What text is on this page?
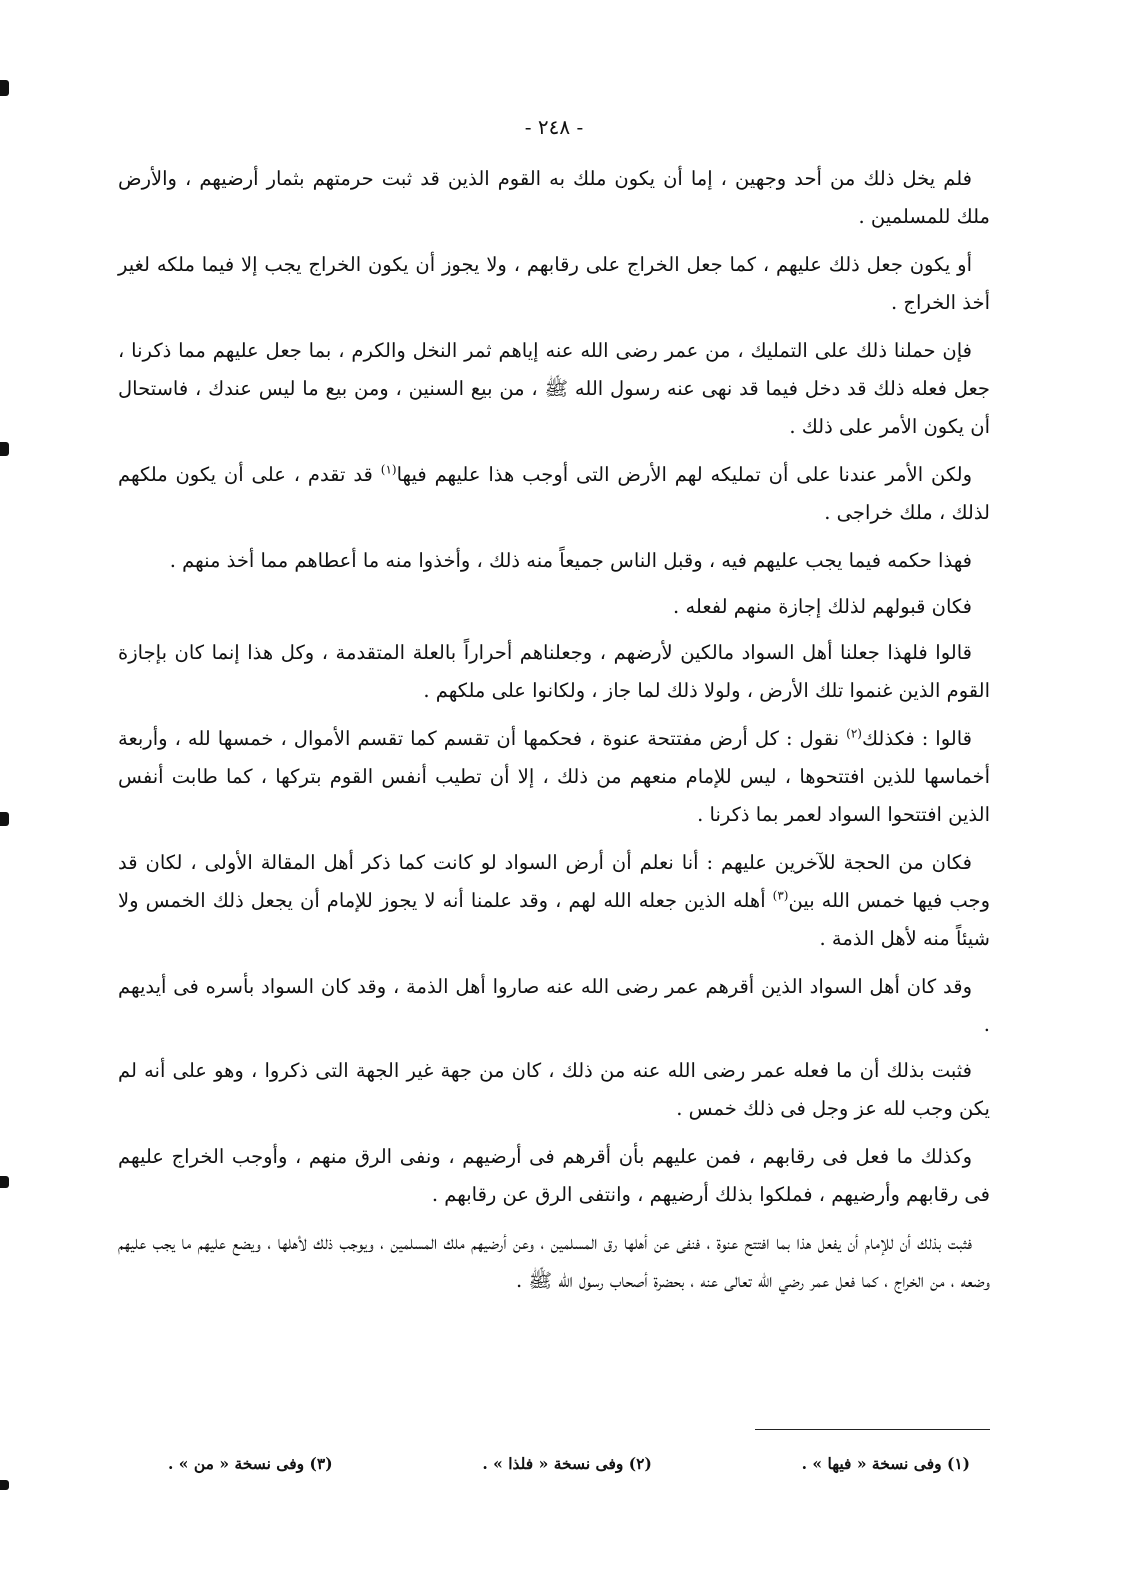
- ٢٤٨ -

فلم يخل ذلك من أحد وجهين ، إما أن يكون ملك به القوم الذين قد ثبت حرمتهم بثمار أرضيهم ، والأرض ملك للمسلمين .

أو يكون جعل ذلك عليهم ، كما جعل الخراج على رقابهم ، ولا يجوز أن يكون الخراج يجب إلا فيما ملكه لغير أخذ الخراج .

فإن حملنا ذلك على التمليك ، من عمر رضى الله عنه إياهم ثمر النخل والكرم ، بما جعل عليهم مما ذكرنا ، جعل فعله ذلك قد دخل فيما قد نهى عنه رسول الله ﷺ ، من بيع السنين ، ومن بيع ما ليس عندك ، فاستحال أن يكون الأمر على ذلك .

ولكن الأمر عندنا على أن تمليكه لهم الأرض التى أوجب هذا عليهم فيها$^{(١)}$ قد تقدم ، على أن يكون ملكهم لذلك ، ملك خراجى .

فهذا حكمه فيما يجب عليهم فيه ، وقبل الناس جميعاً منه ذلك ، وأخذوا منه ما أعطاهم مما أخذ منهم .

فكان قبولهم لذلك إجازة منهم لفعله .

قالوا فلهذا جعلنا أهل السواد مالكين لأرضهم ، وجعلناهم أحراراً بالعلة المتقدمة ، وكل هذا إنما كان بإجازة القوم الذين غنموا تلك الأرض ، ولولا ذلك لما جاز ، ولكانوا على ملكهم .

قالوا : فكذلك$^{(٢)}$ نقول : كل أرض مفتتحة عنوة ، فحكمها أن تقسم كما تقسم الأموال ، خمسها لله ، وأربعة أخماسها للذين افتتحوها ، ليس للإمام منعهم من ذلك ، إلا أن تطيب أنفس القوم بتركها ، كما طابت أنفس الذين افتتحوا السواد لعمر بما ذكرنا .

فكان من الحجة للآخرين عليهم : أنا نعلم أن أرض السواد لو كانت كما ذكر أهل المقالة الأولى ، لكان قد وجب فيها خمس الله بين$^{(٣)}$ أهله الذين جعله الله لهم ، وقد علمنا أنه لا يجوز للإمام أن يجعل ذلك الخمس ولا شيئاً منه لأهل الذمة .

وقد كان أهل السواد الذين أقرهم عمر رضى الله عنه صاروا أهل الذمة ، وقد كان السواد بأسره فى أيديهم .

فثبت بذلك أن ما فعله عمر رضى الله عنه من ذلك ، كان من جهة غير الجهة التى ذكروا ، وهو على أنه لم يكن وجب لله عز وجل فى ذلك خمس .

وكذلك ما فعل فى رقابهم ، فمن عليهم بأن أقرهم فى أرضيهم ، ونفى الرق منهم ، وأوجب الخراج عليهم فى رقابهم وأرضيهم ، فملكوا بذلك أرضيهم ، وانتفى الرق عن رقابهم .

فثبت بذلك أن للإمام أن يفعل هذا بما افتتح عنوة ، فنفى عن أهلها رق المسلمين ، وعن أرضيهم ملك المسلمين ، ويوجب ذلك لأهلها ، ويضع عليهم ما يجب عليهم وضعه ، من الخراج ، كما فعل عمر رضي الله تعالى عنه ، بحضرة أصحاب رسول الله ﷺ .

(١) وفى نسخة « فيها » .
(٢) وفى نسخة « فلذا » .
(٣) وفى نسخة « من » .
